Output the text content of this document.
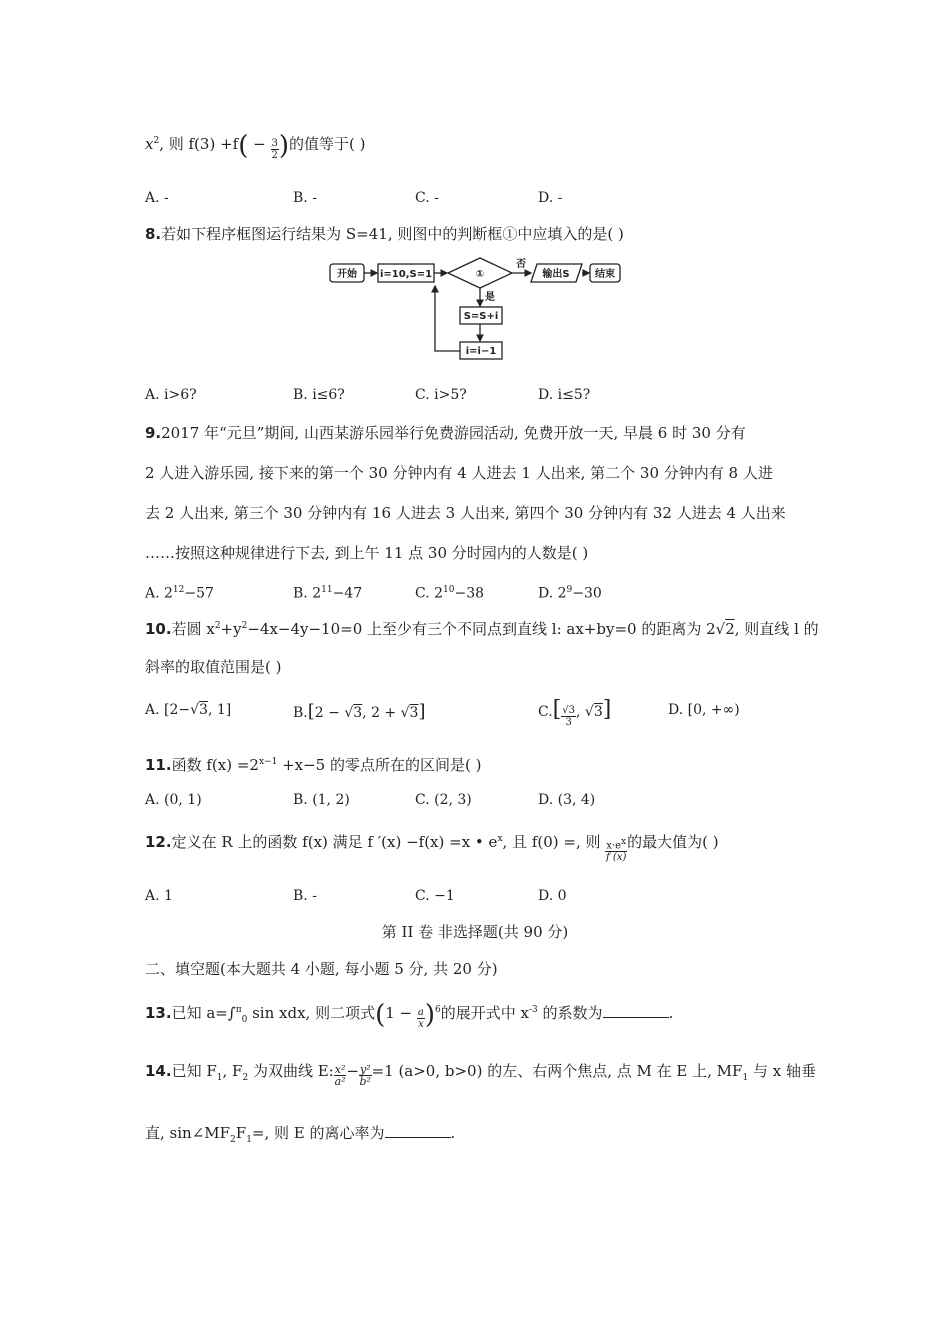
$x^2$, 则 $f(3) +f( - \frac{3}{2}$ )的值等于( )
A. -	B. -	C. -	D. -
8.若如下程序框图运行结果为 S=41, 则图中的判断框①中应填入的是( )
开始 i=10,S=1	①
否
输出S	结束
是
S=S+i
i=i−1
A. i>6?	B. i≤6?	C. i>5?	D. i≤5?
9.2017 年“元旦”期间, 山西某游乐园举行免费游园活动, 免费开放一天, 早晨 6 时 30 分有
2 人进入游乐园, 接下来的第一个 30 分钟内有 4 人进去 1 人出来, 第二个 30 分钟内有 8 人进
去 2 人出来, 第三个 30 分钟内有 16 人进去 3 人出来, 第四个 30 分钟内有 32 人进去 4 人出来
……按照这种规律进行下去, 到上午 11 点 30 分时园内的人数是( )
A. $2^{12}-57$	B. $2^{11}-47$	C. $2^{10}-38$	D. $2^9-30$
10.若圆 $x^2+y^2-4x-4y-10=0$ 上至少有三个不同点到直线 l: ax+by=0 的距离为 2√2, 则直线 l 的
斜率的取值范围是( )
A. [2−√3, 1]	B.[2 − √3, 2 + √3]	$C.[ \frac{√3}{3}$ , √3]	D. [0, +∞)
11.函数 $f(x) =2^{x-1} +x-5$ 的零点所在的区间是( )
A. (0, 1)	B. (1, 2)	C. (2, 3)	D. (3, 4)
12.定义在 R 上的函数 f(x) 满足 f ′(x) −f(x) =x • $e^x$, 且 f(0) =, 则 $\frac{x\cdot e^x}{f (x)}$ 的最大值为( )
A. 1	B. -	C. −1	D. 0
第 II 卷 非选择题(共 90 分)
二、填空题(本大题共 4 小题, 每小题 5 分, 共 20 分)
13.已知 a=∫$^\pi_0$ sin xdx, 则二项式$(1 - \frac{a}{x} )^6$的展开式中 $x^{-3}$ 的系数为	.
14.已知 $F_1$, $F_2$ 为双曲线 E: $\frac{\text{x²}}{\text{a²}} - \frac{\text{y²}}{\text{b²}} =1$ (a>0, b>0) 的左、右两个焦点, 点 M 在 E 上, $MF_1$ 与 x 轴垂
直, $\sin\angle MF_2F_1=$, 则 E 的离心率为	.
